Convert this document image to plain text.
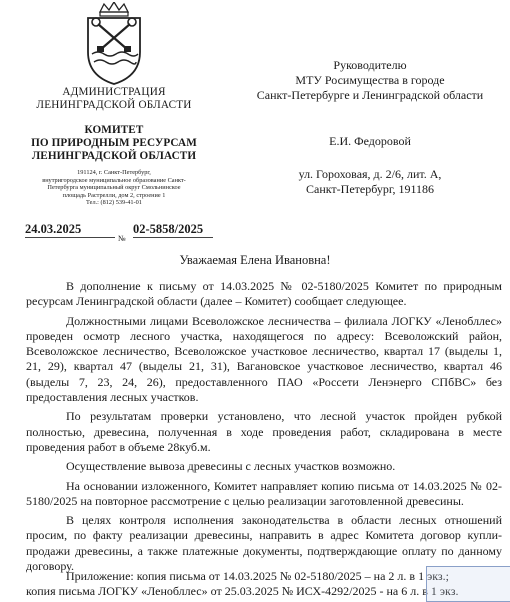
АДМИНИСТРАЦИЯ
ЛЕНИНГРАДСКОЙ ОБЛАСТИ
КОМИТЕТ
ПО ПРИРОДНЫМ РЕСУРСАМ
ЛЕНИНГРАДСКОЙ ОБЛАСТИ
191124, г. Санкт-Петербург,
внутригородское муниципальное образование Санкт-
Петербурга муниципальный округ Смольнинское
площадь Растрелли, дом 2, строение 1
Тел.: (812) 539-41-01
Руководителю
МТУ Росимущества в городе
Санкт-Петербурге и Ленинградской области
Е.И. Федоровой
ул. Гороховая, д. 2/6, лит. А,
Санкт-Петербург, 191186
24.03.2025
№
02-5858/2025
Уважаемая Елена Ивановна!

В дополнение к письму от 14.03.2025 № 02-5180/2025 Комитет по природным ресурсам Ленинградской области (далее – Комитет) сообщает следующее.

Должностными лицами Всеволожское лесничества – филиала ЛОГКУ «Ленобллес» проведен осмотр лесного участка, находящегося по адресу: Всеволожский район, Всеволожское лесничество, Всеволожское участковое лесничество, квартал 17 (выделы 1, 21, 29), квартал 47 (выделы 21, 31), Вагановское участковое лесничество, квартал 46 (выделы 7, 23, 24, 26), предоставленного ПАО «Россети Ленэнерго СПбВС» без предоставления лесных участков.

По результатам проверки установлено, что лесной участок пройден рубкой полностью, древесина, полученная в ходе проведения работ, складирована в месте проведения работ в объеме 28куб.м.

Осуществление вывоза древесины с лесных участков возможно.

На основании изложенного, Комитет направляет копию письма от 14.03.2025 № 02-5180/2025 на повторное рассмотрение с целью реализации заготовленной древесины.

В целях контроля исполнения законодательства в области лесных отношений просим, по факту реализации древесины, направить в адрес Комитета договор купли-продажи древесины, а также платежные документы, подтверждающие оплату по данному договору.

Приложение: копия письма от 14.03.2025 № 02-5180/2025 – на 2 л. в 1 экз.;

копия письма ЛОГКУ «Ленобллес» от 25.03.2025 № ИСХ-4292/2025 - на 6 л. в 1 экз.
